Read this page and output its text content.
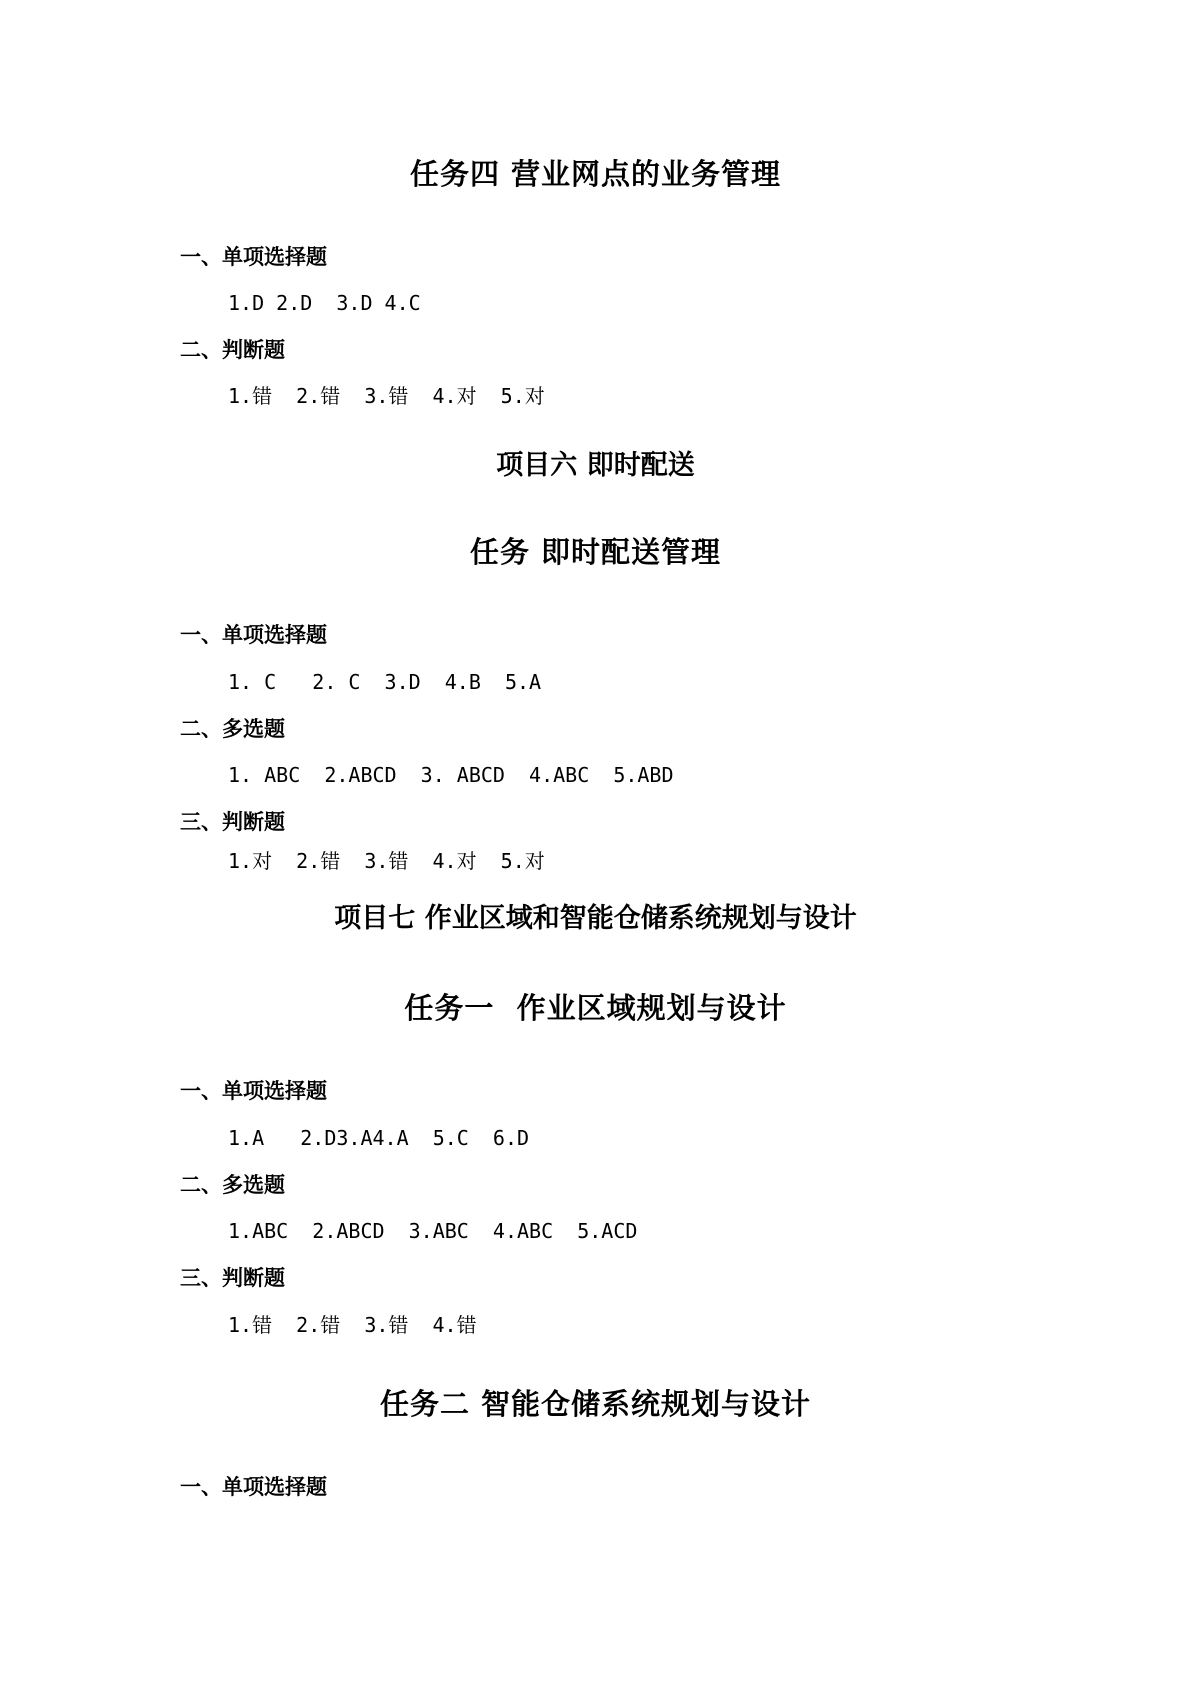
任务四 营业网点的业务管理
一、单项选择题
1.D 2.D  3.D 4.C
二、判断题
1.错  2.错  3.错  4.对  5.对
项目六 即时配送
任务 即时配送管理
一、单项选择题
1. C   2. C  3.D  4.B  5.A
二、多选题
1. ABC  2.ABCD  3. ABCD  4.ABC  5.ABD
三、判断题
1.对  2.错  3.错  4.对  5.对
项目七 作业区域和智能仓储系统规划与设计
任务一  作业区域规划与设计
一、单项选择题
1.A   2.D3.A4.A  5.C  6.D
二、多选题
1.ABC  2.ABCD  3.ABC  4.ABC  5.ACD
三、判断题
1.错  2.错  3.错  4.错
任务二 智能仓储系统规划与设计
一、单项选择题
